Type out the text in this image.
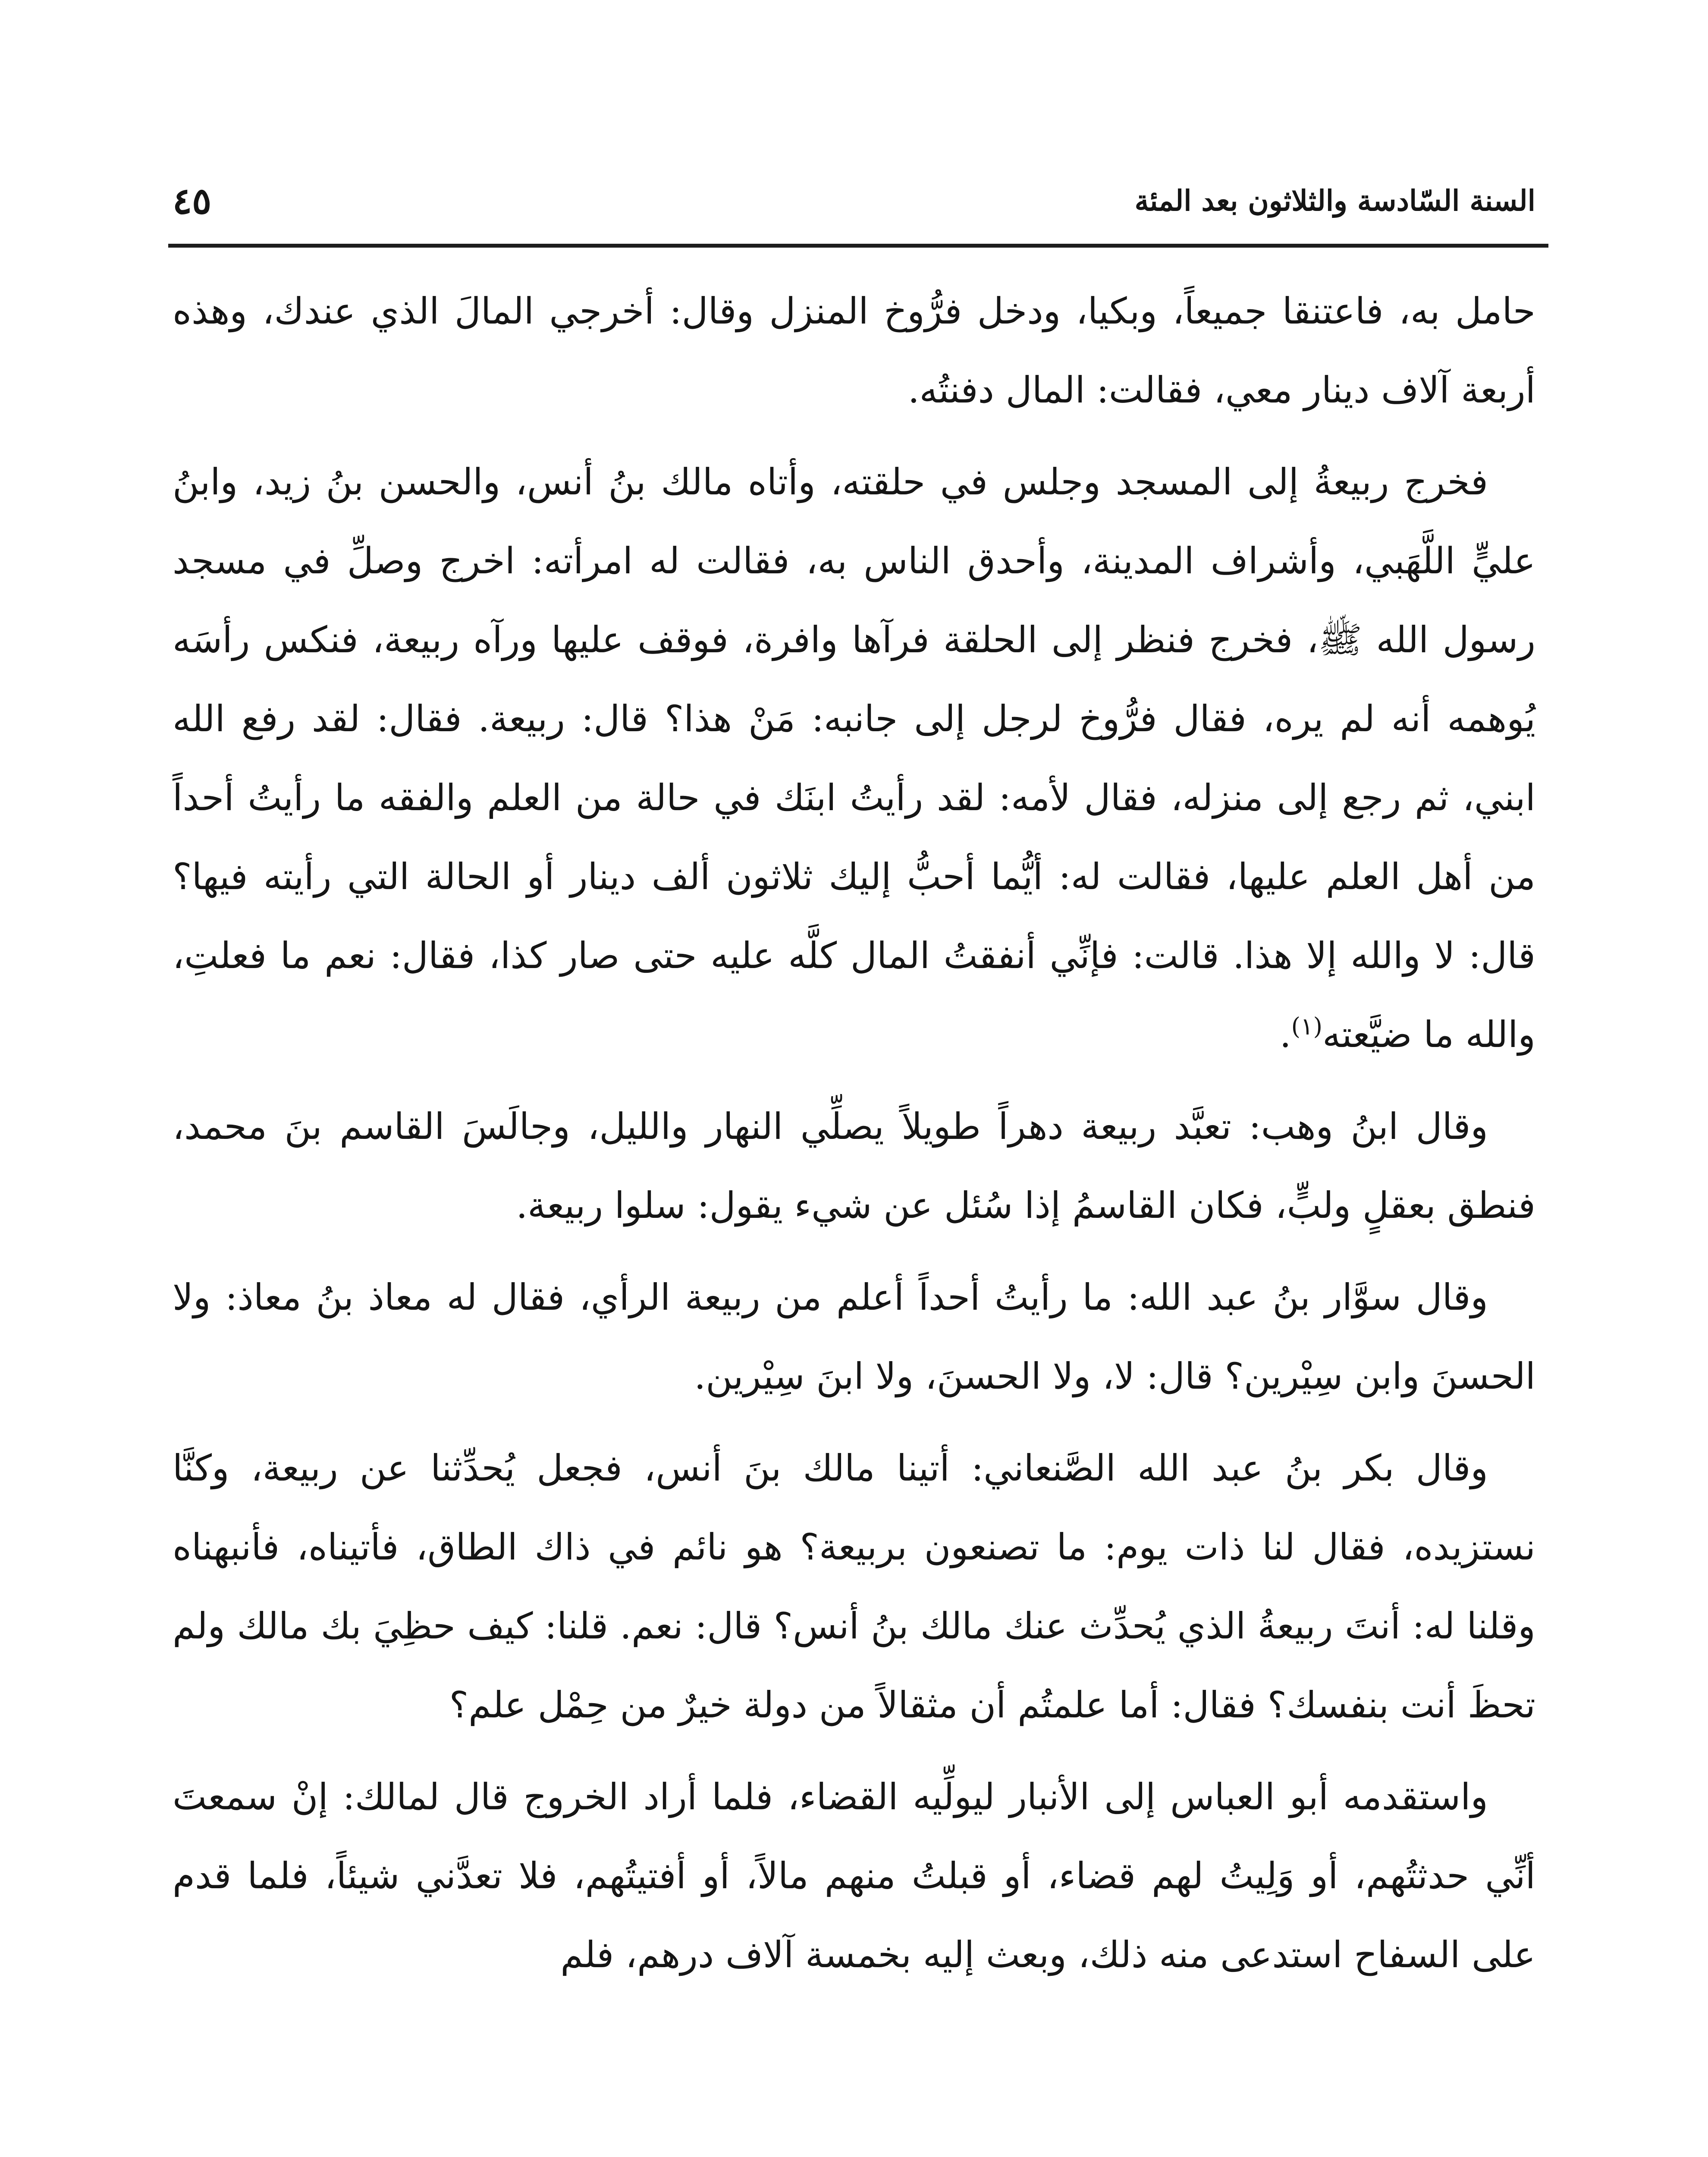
السنة السّادسة والثلاثون بعد المئة
٤٥

حامل به، فاعتنقا جميعاً، وبكيا، ودخل فرُّوخ المنزل وقال: أخرجي المالَ الذي عندك، وهذه أربعة آلاف دينار معي، فقالت: المال دفنتُه.

فخرج ربيعةُ إلى المسجد وجلس في حلقته، وأتاه مالك بنُ أنس، والحسن بنُ زيد، وابنُ عليٍّ اللَّهَبي، وأشراف المدينة، وأحدق الناس به، فقالت له امرأته: اخرج وصلِّ في مسجد رسول الله ﷺ، فخرج فنظر إلى الحلقة فرآها وافرة، فوقف عليها ورآه ربيعة، فنكس رأسَه يُوهمه أنه لم يره، فقال فرُّوخ لرجل إلى جانبه: مَنْ هذا؟ قال: ربيعة. فقال: لقد رفع الله ابني، ثم رجع إلى منزله، فقال لأمه: لقد رأيتُ ابنَك في حالة من العلم والفقه ما رأيتُ أحداً من أهل العلم عليها، فقالت له: أيُّما أحبُّ إليك ثلاثون ألف دينار أو الحالة التي رأيته فيها؟ قال: لا والله إلا هذا. قالت: فإنِّي أنفقتُ المال كلَّه عليه حتى صار كذا، فقال: نعم ما فعلتِ، والله ما ضيَّعته$^{(١)}$.

وقال ابنُ وهب: تعبَّد ربيعة دهراً طويلاً يصلِّي النهار والليل، وجالَسَ القاسم بنَ محمد، فنطق بعقلٍ ولبٍّ، فكان القاسمُ إذا سُئل عن شيء يقول: سلوا ربيعة.

وقال سوَّار بنُ عبد الله: ما رأيتُ أحداً أعلم من ربيعة الرأي، فقال له معاذ بنُ معاذ: ولا الحسنَ وابن سِيْرين؟ قال: لا، ولا الحسنَ، ولا ابنَ سِيْرين.

وقال بكر بنُ عبد الله الصَّنعاني: أتينا مالك بنَ أنس، فجعل يُحدِّثنا عن ربيعة، وكنَّا نستزيده، فقال لنا ذات يوم: ما تصنعون بربيعة؟ هو نائم في ذاك الطاق، فأتيناه، فأنبهناه وقلنا له: أنتَ ربيعةُ الذي يُحدِّث عنك مالك بنُ أنس؟ قال: نعم. قلنا: كيف حظِيَ بك مالك ولم تحظَ أنت بنفسك؟ فقال: أما علمتُم أن مثقالاً من دولة خيرٌ من حِمْل علم؟

واستقدمه أبو العباس إلى الأنبار ليولِّيه القضاء، فلما أراد الخروج قال لمالك: إنْ سمعتَ أنِّي حدثتُهم، أو وَلِيتُ لهم قضاء، أو قبلتُ منهم مالاً، أو أفتيتُهم، فلا تعدَّني شيئاً، فلما قدم على السفاح استدعى منه ذلك، وبعث إليه بخمسة آلاف درهم، فلم
